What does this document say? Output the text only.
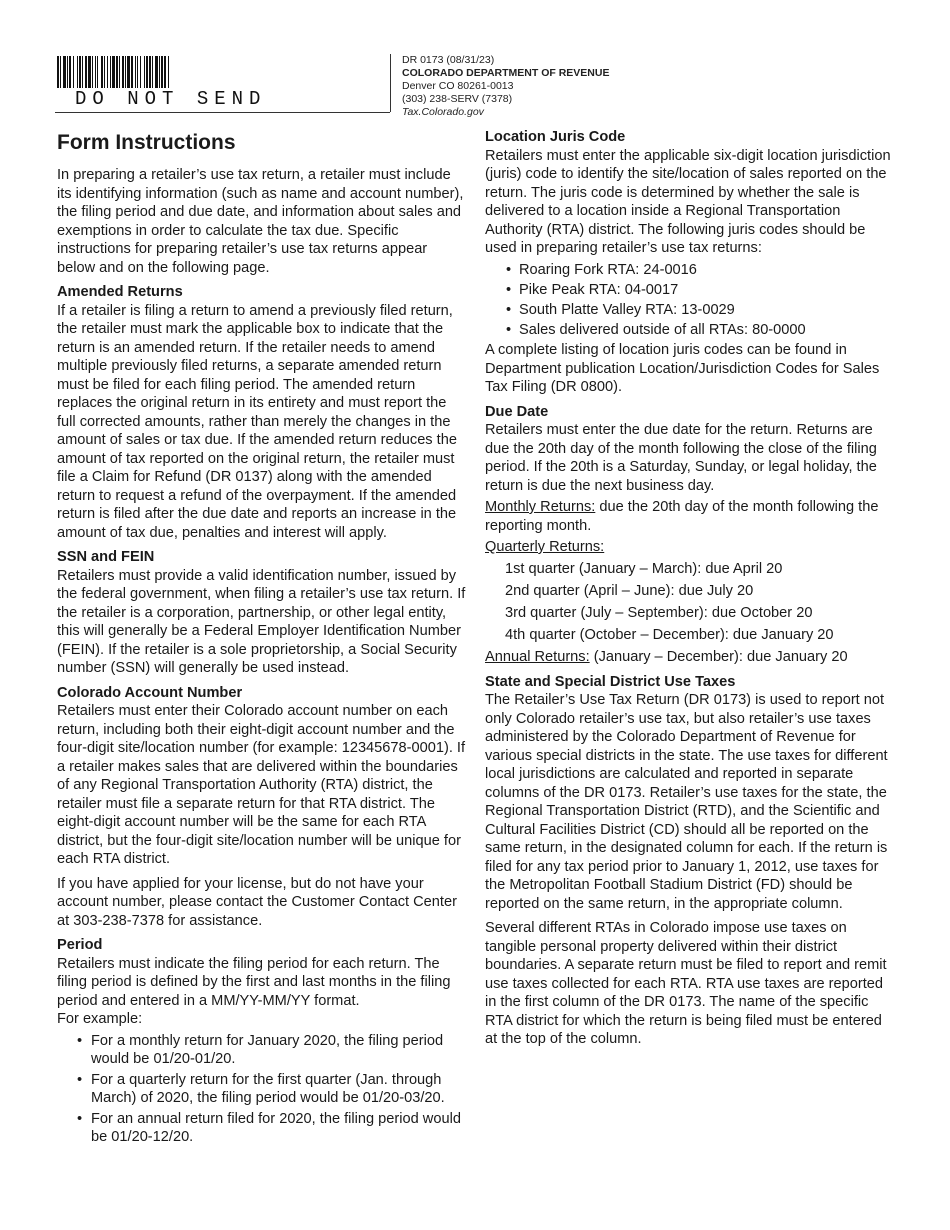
DO NOT SEND
DR 0173 (08/31/23)
COLORADO DEPARTMENT OF REVENUE
Denver CO 80261-0013
(303) 238-SERV (7378)
Tax.Colorado.gov
Form Instructions

In preparing a retailer’s use tax return, a retailer must include its identifying information (such as name and account number), the filing period and due date, and information about sales and exemptions in order to calculate the tax due. Specific instructions for preparing retailer’s use tax returns appear below and on the following page.

Amended Returns

If a retailer is filing a return to amend a previously filed return, the retailer must mark the applicable box to indicate that the return is an amended return. If the retailer needs to amend multiple previously filed returns, a separate amended return must be filed for each filing period. The amended return replaces the original return in its entirety and must report the full corrected amounts, rather than merely the changes in the amount of sales or tax due. If the amended return reduces the amount of tax reported on the original return, the retailer must file a Claim for Refund (DR 0137) along with the amended return to request a refund of the overpayment. If the amended return is filed after the due date and reports an increase in the amount of tax due, penalties and interest will apply.

SSN and FEIN

Retailers must provide a valid identification number, issued by the federal government, when filing a retailer’s use tax return. If the retailer is a corporation, partnership, or other legal entity, this will generally be a Federal Employer Identification Number (FEIN). If the retailer is a sole proprietorship, a Social Security number (SSN) will generally be used instead.

Colorado Account Number

Retailers must enter their Colorado account number on each return, including both their eight-digit account number and the four-digit site/location number (for example: 12345678-0001). If a retailer makes sales that are delivered within the boundaries of any Regional Transportation Authority (RTA) district, the retailer must file a separate return for that RTA district. The eight-digit account number will be the same for each RTA district, but the four-digit site/location number will be unique for each RTA district.

If you have applied for your license, but do not have your account number, please contact the Customer Contact Center at 303-238-7378 for assistance.

Period

Retailers must indicate the filing period for each return. The filing period is defined by the first and last months in the filing period and entered in a MM/YY-MM/YY format.

For example:

• For a monthly return for January 2020, the filing period would be 01/20-01/20.
• For a quarterly return for the first quarter (Jan. through March) of 2020, the filing period would be 01/20-03/20.
• For an annual return filed for 2020, the filing period would be 01/20-12/20.
Location Juris Code

Retailers must enter the applicable six-digit location jurisdiction (juris) code to identify the site/location of sales reported on the return. The juris code is determined by whether the sale is delivered to a location inside a Regional Transportation Authority (RTA) district. The following juris codes should be used in preparing retailer’s use tax returns:

• Roaring Fork RTA: 24-0016
• Pike Peak RTA: 04-0017
• South Platte Valley RTA: 13-0029
• Sales delivered outside of all RTAs: 80-0000

A complete listing of location juris codes can be found in Department publication Location/Jurisdiction Codes for Sales Tax Filing (DR 0800).

Due Date

Retailers must enter the due date for the return. Returns are due the 20th day of the month following the close of the filing period. If the 20th is a Saturday, Sunday, or legal holiday, the return is due the next business day.

Monthly Returns: due the 20th day of the month following the reporting month.

Quarterly Returns:

1st quarter (January – March): due April 20

2nd quarter (April – June): due July 20

3rd quarter (July – September): due October 20

4th quarter (October – December): due January 20

Annual Returns: (January – December): due January 20

State and Special District Use Taxes

The Retailer’s Use Tax Return (DR 0173) is used to report not only Colorado retailer’s use tax, but also retailer’s use taxes administered by the Colorado Department of Revenue for various special districts in the state. The use taxes for different local jurisdictions are calculated and reported in separate columns of the DR 0173. Retailer’s use taxes for the state, the Regional Transportation District (RTD), and the Scientific and Cultural Facilities District (CD) should all be reported on the same return, in the designated column for each. If the return is filed for any tax period prior to January 1, 2012, use taxes for the Metropolitan Football Stadium District (FD) should be reported on the same return, in the appropriate column.

Several different RTAs in Colorado impose use taxes on tangible personal property delivered within their district boundaries. A separate return must be filed to report and remit use taxes collected for each RTA. RTA use taxes are reported in the first column of the DR 0173. The name of the specific RTA district for which the return is being filed must be entered at the top of the column.
